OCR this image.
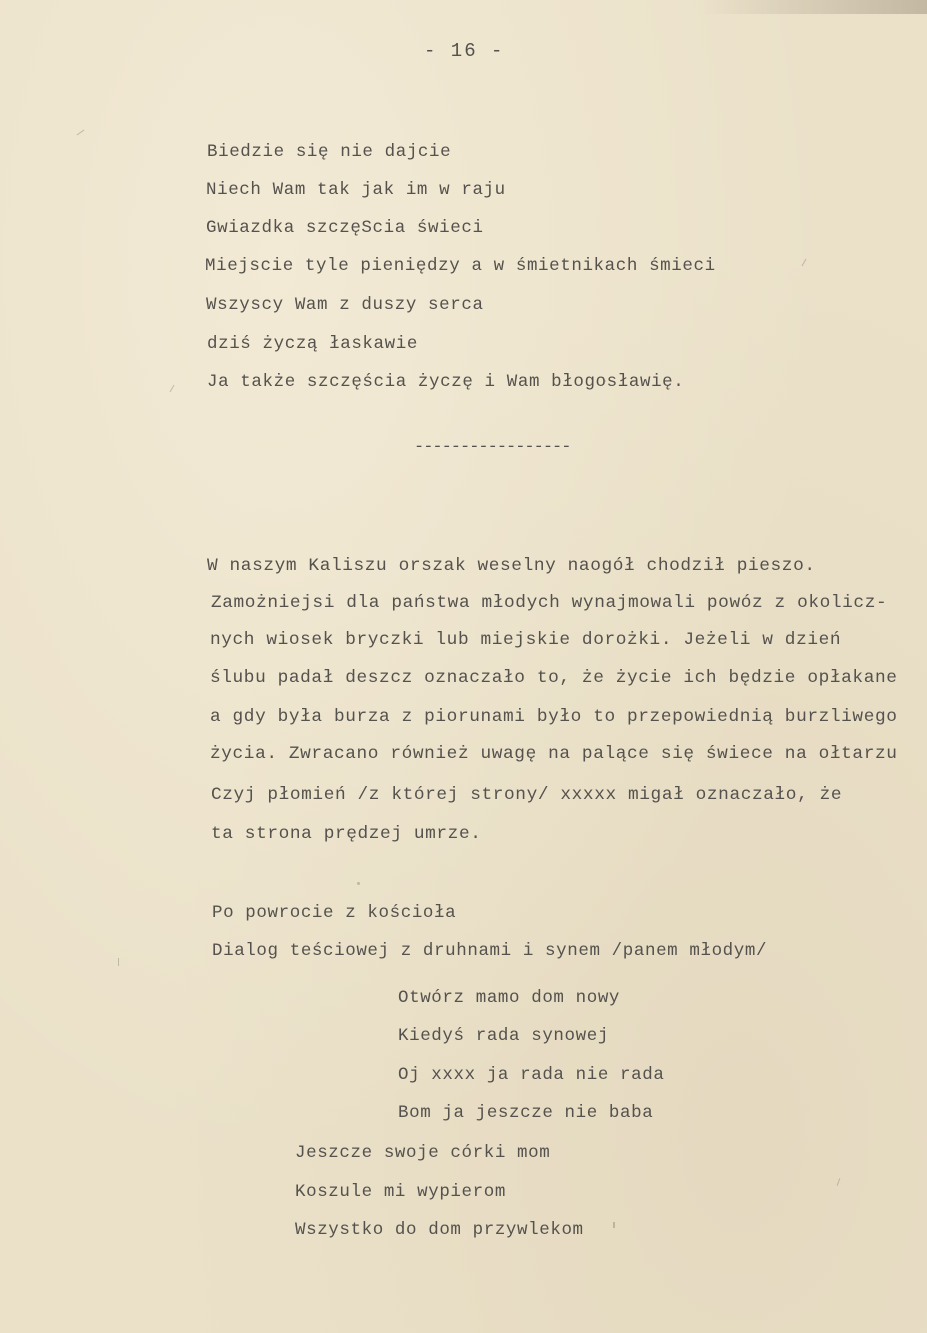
- 16 -
Biedzie się nie dajcie
Niech Wam tak jak im w raju
Gwiazdka szczęScia świeci
Miejscie tyle pieniędzy a w śmietnikach śmieci
Wszyscy Wam z duszy serca
dziś życzą łaskawie
Ja także szczęścia życzę i Wam błogosławię.
-----------------
W naszym Kaliszu orszak weselny naogół chodził pieszo.
Zamożniejsi dla państwa młodych wynajmowali powóz z okolicz-
nych wiosek bryczki lub miejskie dorożki. Jeżeli w dzień
ślubu padał deszcz oznaczało to, że życie ich będzie opłakane
a gdy była burza z piorunami było to przepowiednią burzliwego
życia. Zwracano również uwagę na palące się świece na ołtarzu
Czyj płomień /z której strony/ xxxxx migał oznaczało, że
ta strona prędzej umrze.
Po powrocie z kościoła
Dialog teściowej z druhnami i synem /panem młodym/
Otwórz mamo dom nowy
Kiedyś rada synowej
Oj xxxx ja rada nie rada
Bom ja jeszcze nie baba
Jeszcze swoje córki mom
Koszule mi wypierom
Wszystko do dom przywlekom
